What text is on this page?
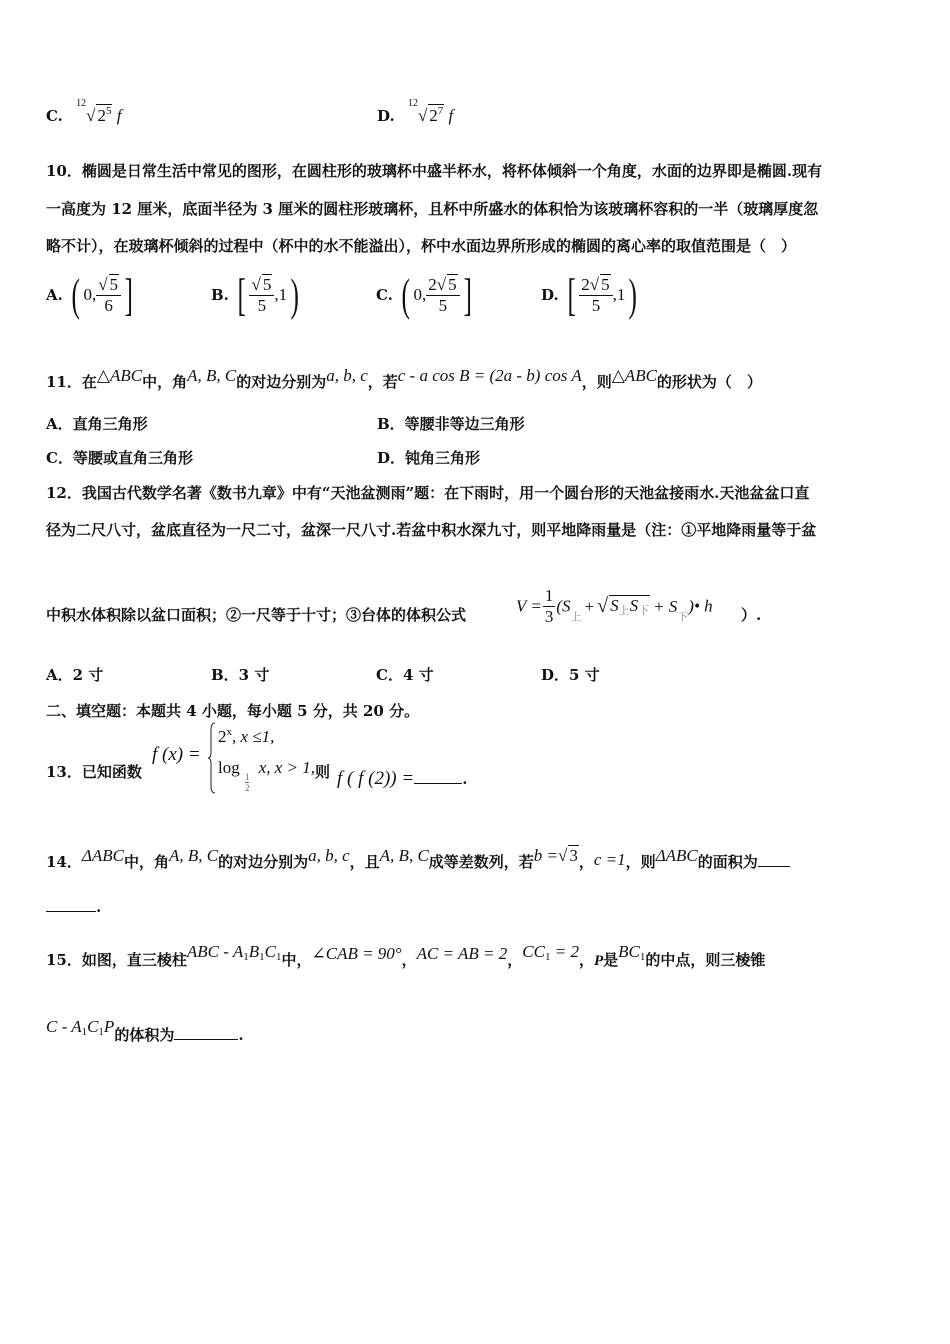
C.
12
√ $2^5$ f	D.
12
√ $2^7$ f
10．椭圆是日常生活中常见的图形，在圆柱形的玻璃杯中盛半杯水，将杯体倾斜一个角度，水面的边界即是椭圆.现有
一高度为 12 厘米，底面半径为 3 厘米的圆柱形玻璃杯，且杯中所盛水的体积恰为该玻璃杯容积的一半（玻璃厚度忽
略不计），在玻璃杯倾斜的过程中（杯中的水不能溢出），杯中水面边界所形成的椭圆的离心率的取值范围是（　）
A. ( 0, $\frac{√ 5}{6}$ ]	B. [ $\frac{√ 5}{5} ,1$)	C. ( 0, $\frac{2√ 5}{5}$ ]	D. [ $\frac{2√ 5}{5} ,1$)
11．在△ABC中，角A, B, C的对边分别为a, b, c，若c - a cos B = (2a - b) cos A，则△ABC的形状为（　）
A．直角三角形	B．等腰非等边三角形
C．等腰或直角三角形	D．钝角三角形
12．我国古代数学名著《数书九章》中有“天池盆测雨”题：在下雨时，用一个圆台形的天池盆接雨水.天池盆盆口直
径为二尺八寸，盆底直径为一尺二寸，盆深一尺八寸.若盆中积水深九寸，则平地降雨量是（注：①平地降雨量等于盆
中积水体积除以盆口面积；②一尺等于十寸；③台体的体积公式	$V = \frac{1}{3} (S_上+$ √ $S_上S_下$ + $S_下)•$ h ）.
A．2 寸	B．3 寸	C．4 寸	D．5 寸
二、填空题：本题共 4 小题，每小题 5 分，共 20 分。
13．已知函数
f (x) =
$2^x$, x ≤1,
log
$\frac{1}{2}$
x, x > 1, 则 f ( f (2)) =	.
14．ΔABC中，角A, B, C的对边分别为a, b, c，且A, B, C成等差数列，若b =√ 3，c =1，则ΔABC的面积为
.
15．如图，直三棱柱ABC - $A_1B_1C_1$中，∠CAB = 90°，AC = AB = 2，$CC_1 = 2$，P是$BC_1$的中点，则三棱锥
C - $A_1C_1P$的体积为	.
